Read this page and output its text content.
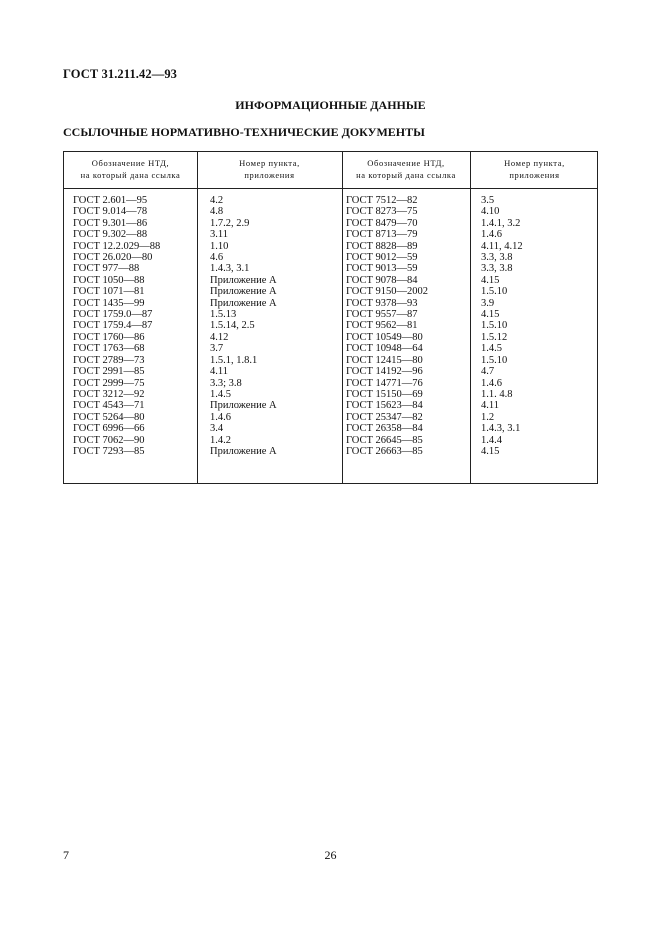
ГОСТ 31.211.42—93
ИНФОРМАЦИОННЫЕ ДАННЫЕ
ССЫЛОЧНЫЕ НОРМАТИВНО-ТЕХНИЧЕСКИЕ ДОКУМЕНТЫ
Обозначение НТД,
на который дана ссылка
Номер пункта,
приложения
Обозначение НТД,
на который дана ссылка
Номер пункта,
приложения
ГОСТ 2.601—95
ГОСТ 9.014—78
ГОСТ 9.301—86
ГОСТ 9.302—88
ГОСТ 12.2.029—88
ГОСТ 26.020—80
ГОСТ 977—88
ГОСТ 1050—88
ГОСТ 1071—81
ГОСТ 1435—99
ГОСТ 1759.0—87
ГОСТ 1759.4—87
ГОСТ 1760—86
ГОСТ 1763—68
ГОСТ 2789—73
ГОСТ 2991—85
ГОСТ 2999—75
ГОСТ 3212—92
ГОСТ 4543—71
ГОСТ 5264—80
ГОСТ 6996—66
ГОСТ 7062—90
ГОСТ 7293—85
4.2
4.8
1.7.2, 2.9
3.11
1.10
4.6
1.4.3, 3.1
Приложение А
Приложение А
Приложение А
1.5.13
1.5.14, 2.5
4.12
3.7
1.5.1, 1.8.1
4.11
3.3; 3.8
1.4.5
Приложение А
1.4.6
3.4
1.4.2
Приложение А
ГОСТ 7512—82
ГОСТ 8273—75
ГОСТ 8479—70
ГОСТ 8713—79
ГОСТ 8828—89
ГОСТ 9012—59
ГОСТ 9013—59
ГОСТ 9078—84
ГОСТ 9150—2002
ГОСТ 9378—93
ГОСТ 9557—87
ГОСТ 9562—81
ГОСТ 10549—80
ГОСТ 10948—64
ГОСТ 12415—80
ГОСТ 14192—96
ГОСТ 14771—76
ГОСТ 15150—69
ГОСТ 15623—84
ГОСТ 25347—82
ГОСТ 26358—84
ГОСТ 26645—85
ГОСТ 26663—85
3.5
4.10
1.4.1, 3.2
1.4.6
4.11, 4.12
3.3, 3.8
3.3, 3.8
4.15
1.5.10
3.9
4.15
1.5.10
1.5.12
1.4.5
1.5.10
4.7
1.4.6
1.1. 4.8
4.11
1.2
1.4.3, 3.1
1.4.4
4.15
7	26
